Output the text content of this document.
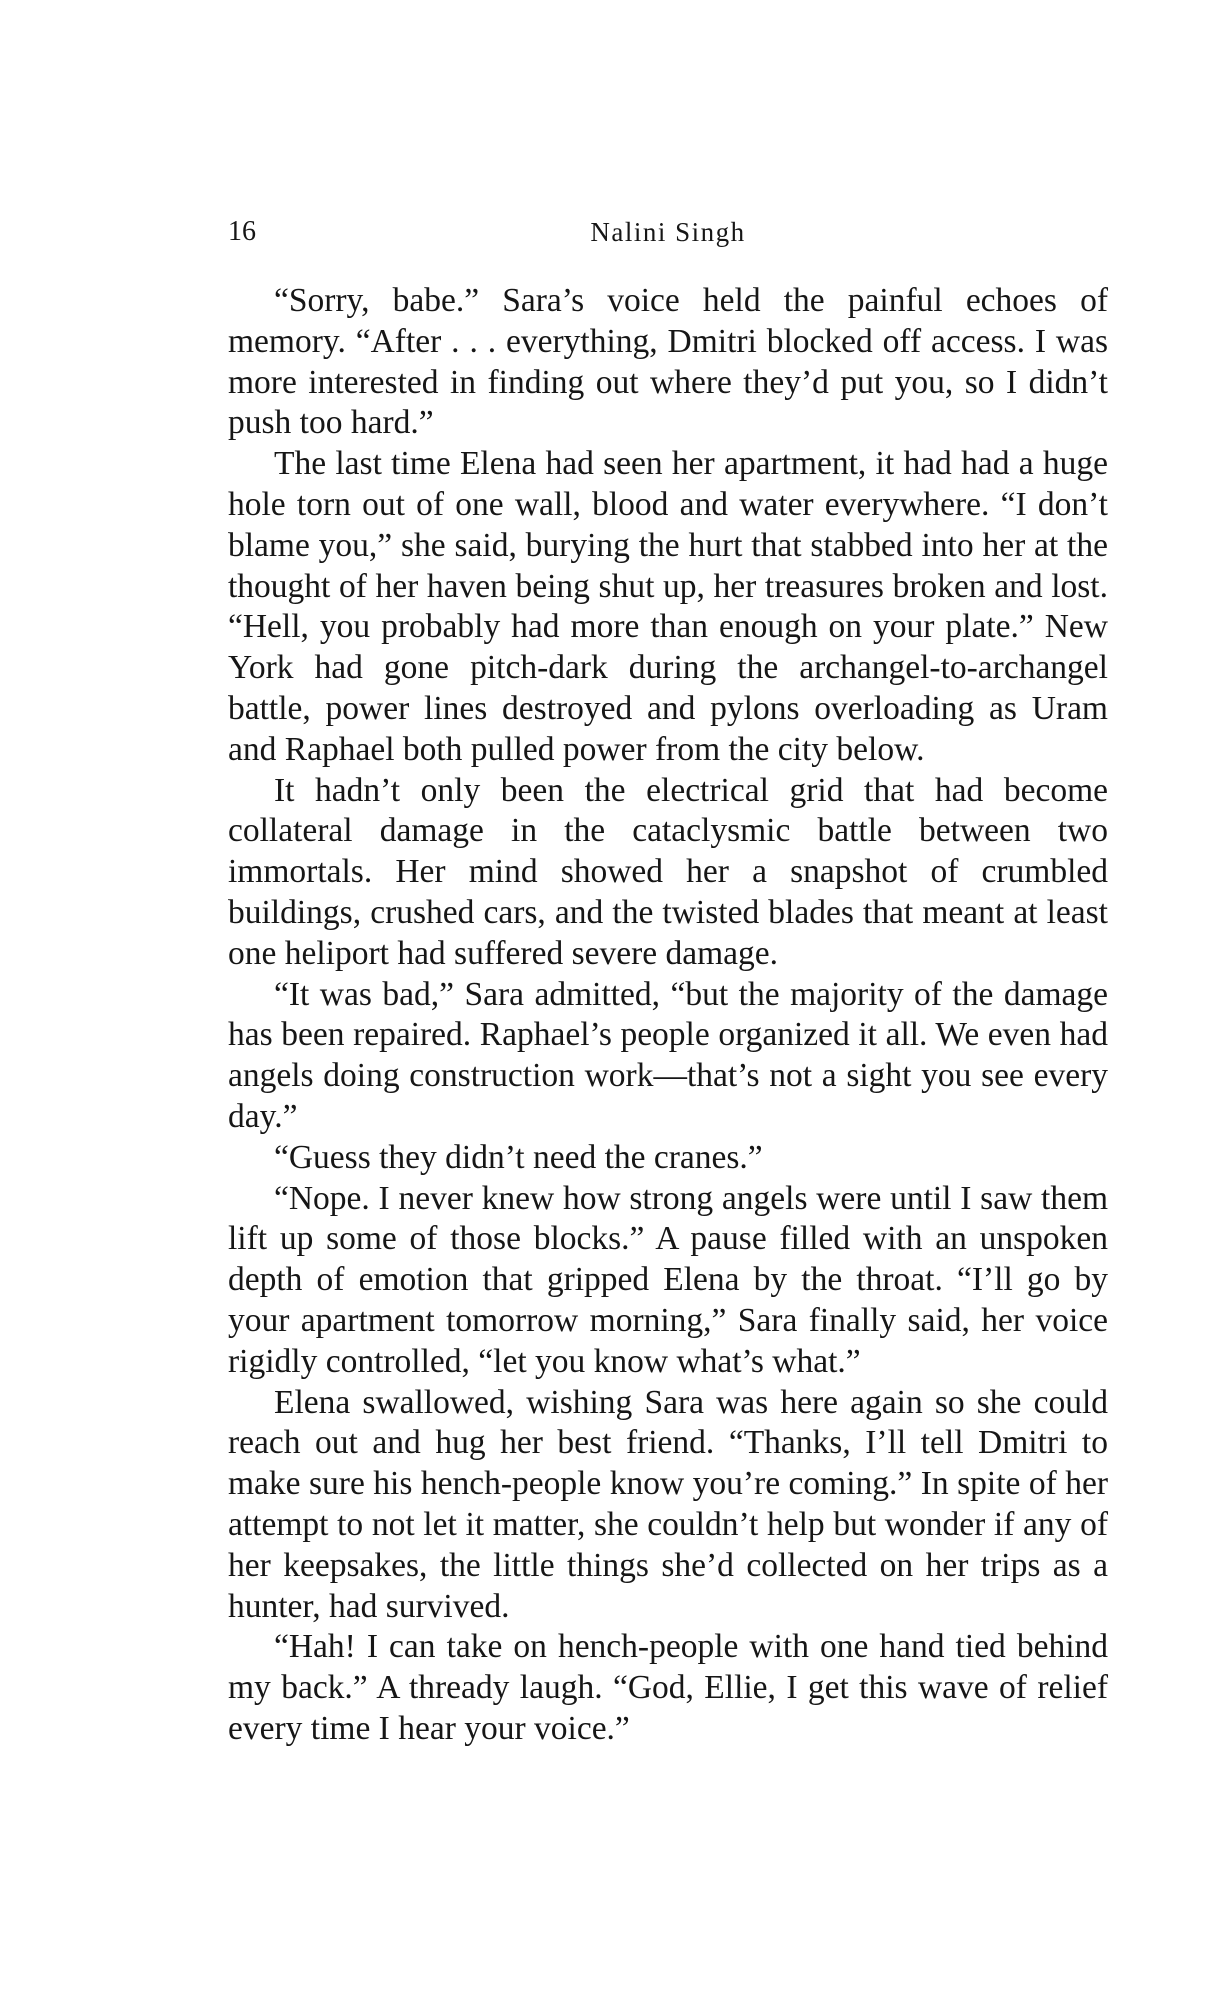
16	Nalini Singh

“Sorry, babe.” Sara’s voice held the painful echoes of memory. “After . . . everything, Dmitri blocked off access. I was more interested in finding out where they’d put you, so I didn’t push too hard.”

The last time Elena had seen her apartment, it had had a huge hole torn out of one wall, blood and water everywhere. “I don’t blame you,” she said, burying the hurt that stabbed into her at the thought of her haven being shut up, her treasures broken and lost. “Hell, you probably had more than enough on your plate.” New York had gone pitch-dark during the archangel-to-archangel battle, power lines destroyed and pylons overloading as Uram and Raphael both pulled power from the city below.

It hadn’t only been the electrical grid that had become collateral damage in the cataclysmic battle between two immortals. Her mind showed her a snapshot of crumbled buildings, crushed cars, and the twisted blades that meant at least one heliport had suffered severe damage.

“It was bad,” Sara admitted, “but the majority of the damage has been repaired. Raphael’s people organized it all. We even had angels doing construction work—that’s not a sight you see every day.”

“Guess they didn’t need the cranes.”

“Nope. I never knew how strong angels were until I saw them lift up some of those blocks.” A pause filled with an unspoken depth of emotion that gripped Elena by the throat. “I’ll go by your apartment tomorrow morning,” Sara finally said, her voice rigidly controlled, “let you know what’s what.”

Elena swallowed, wishing Sara was here again so she could reach out and hug her best friend. “Thanks, I’ll tell Dmitri to make sure his hench-people know you’re coming.” In spite of her attempt to not let it matter, she couldn’t help but wonder if any of her keepsakes, the little things she’d collected on her trips as a hunter, had survived.

“Hah! I can take on hench-people with one hand tied behind my back.” A thready laugh. “God, Ellie, I get this wave of relief every time I hear your voice.”
